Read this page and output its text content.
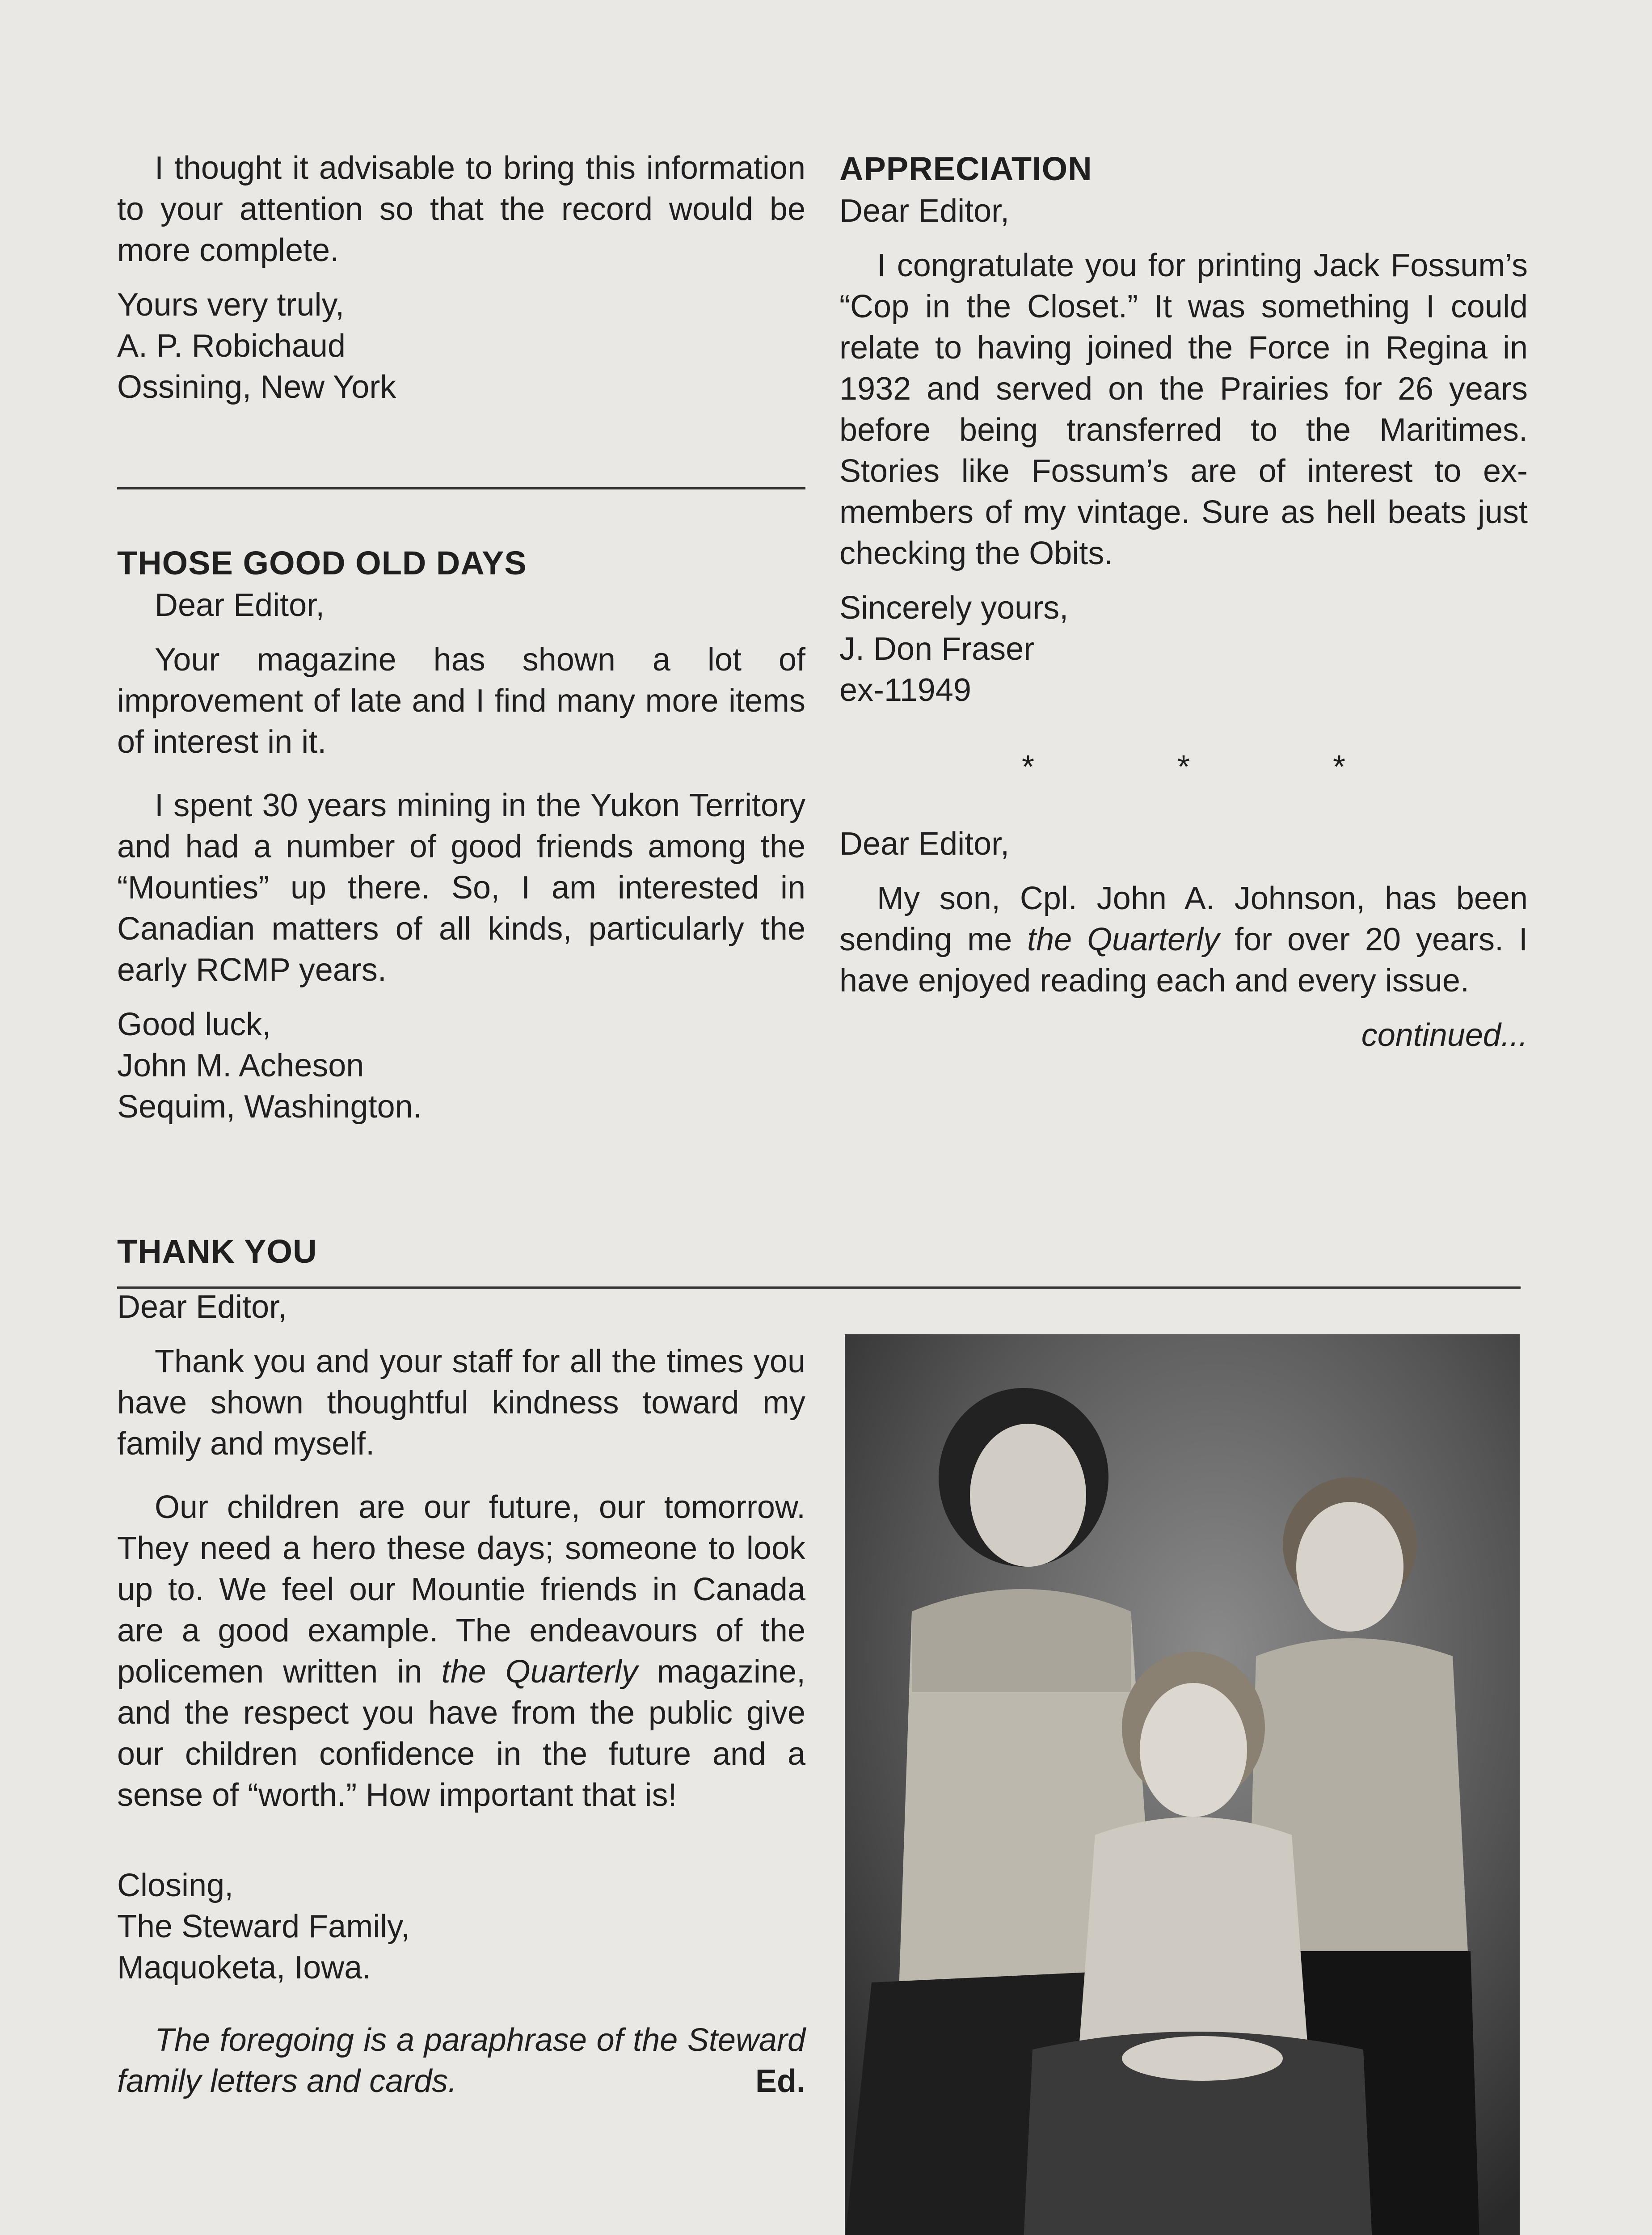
I thought it advisable to bring this information to your attention so that the record would be more complete.

Yours very truly,

A. P. Robichaud

Ossining, New York

THOSE GOOD OLD DAYS

Dear Editor,

Your magazine has shown a lot of improvement of late and I find many more items of interest in it.

I spent 30 years mining in the Yukon Territory and had a number of good friends among the “Mounties” up there. So, I am interested in Canadian matters of all kinds, particularly the early RCMP years.

Good luck,

John M. Acheson

Sequim, Washington.

THANK YOU

Dear Editor,

Thank you and your staff for all the times you have shown thoughtful kindness toward my family and myself.

Our children are our future, our tomorrow. They need a hero these days; someone to look up to. We feel our Mountie friends in Canada are a good example. The endeavours of the policemen written in the Quarterly magazine, and the respect you have from the public give our children confidence in the future and a sense of “worth.” How important that is!

Closing,

The Steward Family,

Maquoketa, Iowa.

The foregoing is a paraphrase of the Steward family letters and cards.	Ed.

APPRECIATION

Dear Editor,

I congratulate you for printing Jack Fossum’s “Cop in the Closet.” It was something I could relate to having joined the Force in Regina in 1932 and served on the Prairies for 26 years before being transferred to the Maritimes. Stories like Fossum’s are of interest to ex-members of my vintage. Sure as hell beats just checking the Obits.

Sincerely yours,

J. Don Fraser

ex-11949

* * *

Dear Editor,

My son, Cpl. John A. Johnson, has been sending me the Quarterly for over 20 years. I have enjoyed reading each and every issue.

continued...
